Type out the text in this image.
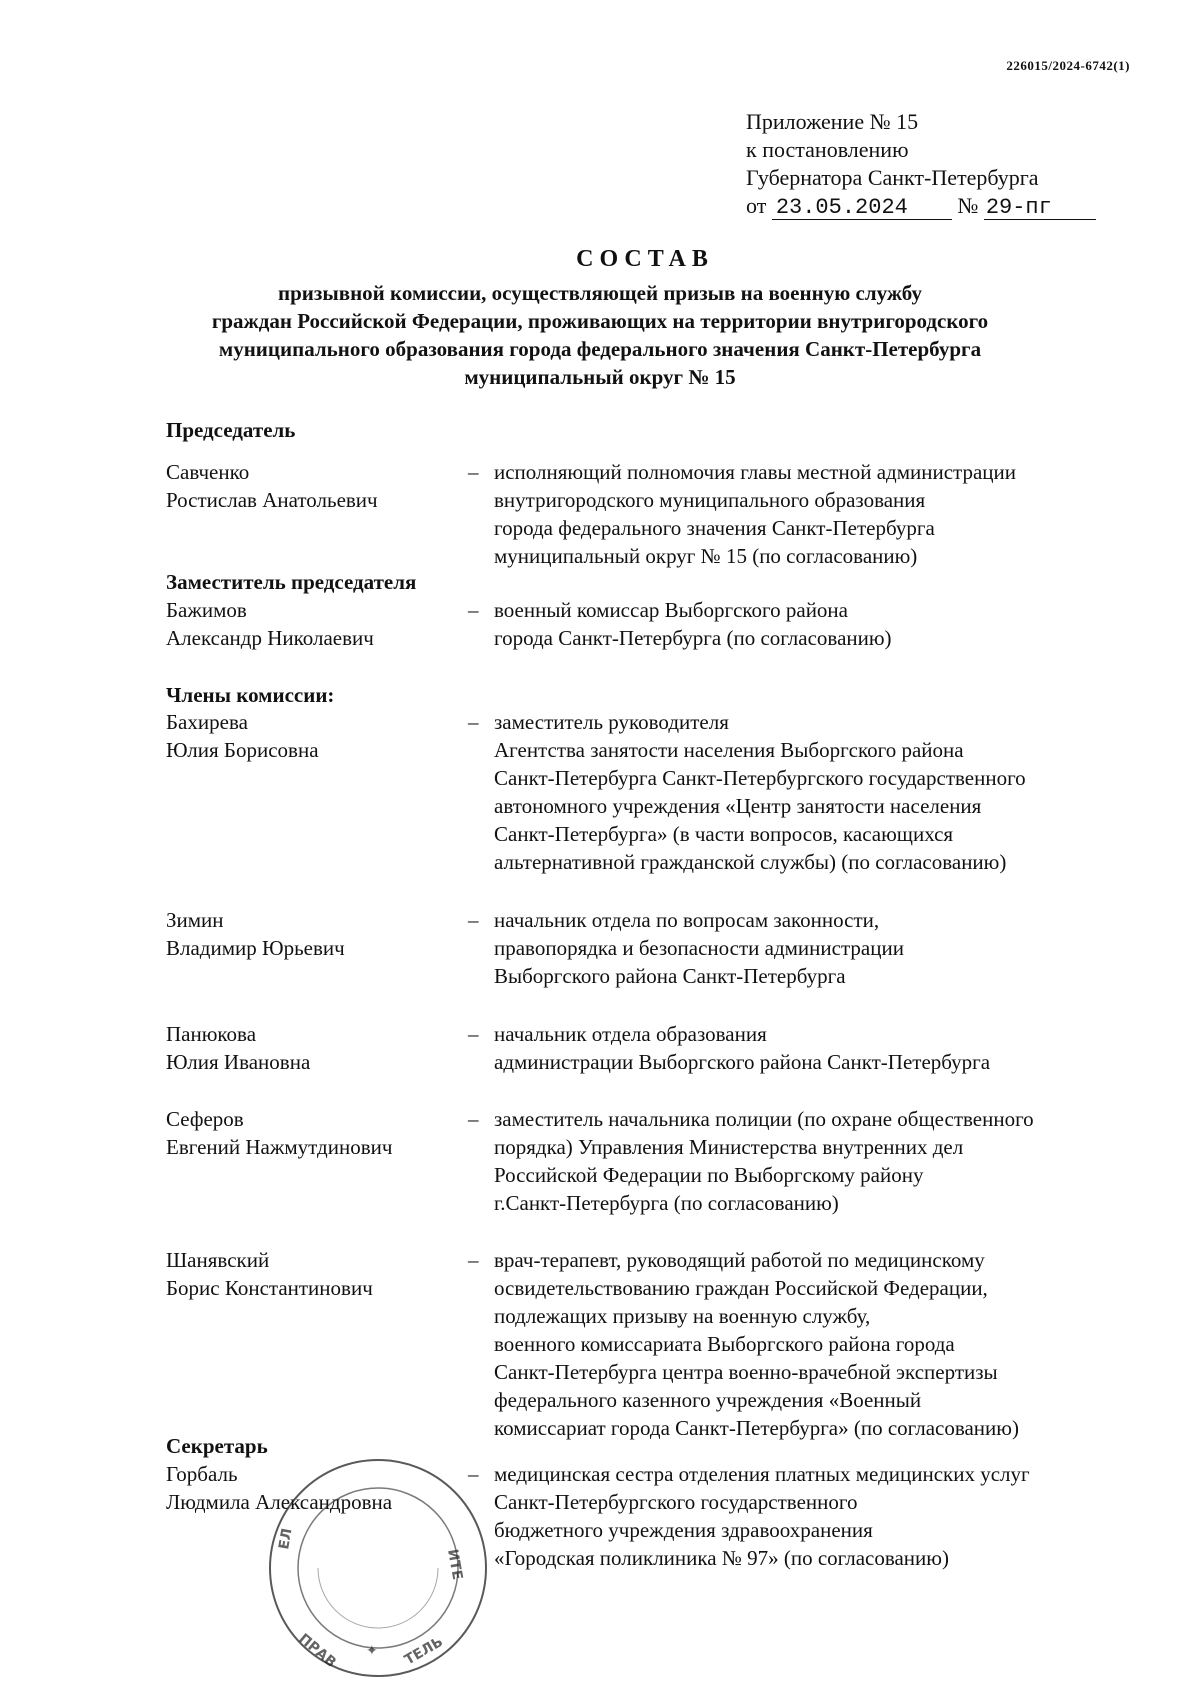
226015/2024-6742(1)
Приложение № 15
к постановлению
Губернатора Санкт-Петербурга
от 23.05.2024 № 29-пг
СОСТАВ
призывной комиссии, осуществляющей призыв на военную службу
граждан Российской Федерации, проживающих на территории внутригородского
муниципального образования города федерального значения Санкт-Петербурга
муниципальный округ № 15
Председатель
Савченко
Ростислав Анатольевич
– исполняющий полномочия главы местной администрации
внутригородского муниципального образования
города федерального значения Санкт-Петербурга
муниципальный округ № 15 (по согласованию)
Заместитель председателя
Бажимов
Александр Николаевич
– военный комиссар Выборгского района
города Санкт-Петербурга (по согласованию)
Члены комиссии:
Бахирева
Юлия Борисовна
– заместитель руководителя
Агентства занятости населения Выборгского района
Санкт-Петербурга Санкт-Петербургского государственного
автономного учреждения «Центр занятости населения
Санкт-Петербурга» (в части вопросов, касающихся
альтернативной гражданской службы) (по согласованию)
Зимин
Владимир Юрьевич
– начальник отдела по вопросам законности,
правопорядка и безопасности администрации
Выборгского района Санкт-Петербурга
Панюкова
Юлия Ивановна
– начальник отдела образования
администрации Выборгского района Санкт-Петербурга
Сеферов
Евгений Нажмутдинович
– заместитель начальника полиции (по охране общественного
порядка) Управления Министерства внутренних дел
Российской Федерации по Выборгскому району
г.Санкт-Петербурга (по согласованию)
Шанявский
Борис Константинович
– врач-терапевт, руководящий работой по медицинскому
освидетельствованию граждан Российской Федерации,
подлежащих призыву на военную службу,
военного комиссариата Выборгского района города
Санкт-Петербурга центра военно-врачебной экспертизы
федерального казенного учреждения «Военный
комиссариат города Санкт-Петербурга» (по согласованию)
Секретарь
Горбаль
Людмила Александровна
– медицинская сестра отделения платных медицинских услуг
Санкт-Петербургского государственного
бюджетного учреждения здравоохранения
«Городская поликлиника № 97» (по согласованию)
ЕЛ
ИТЕ
ПРАВ	ТЕЛЬ
✦
